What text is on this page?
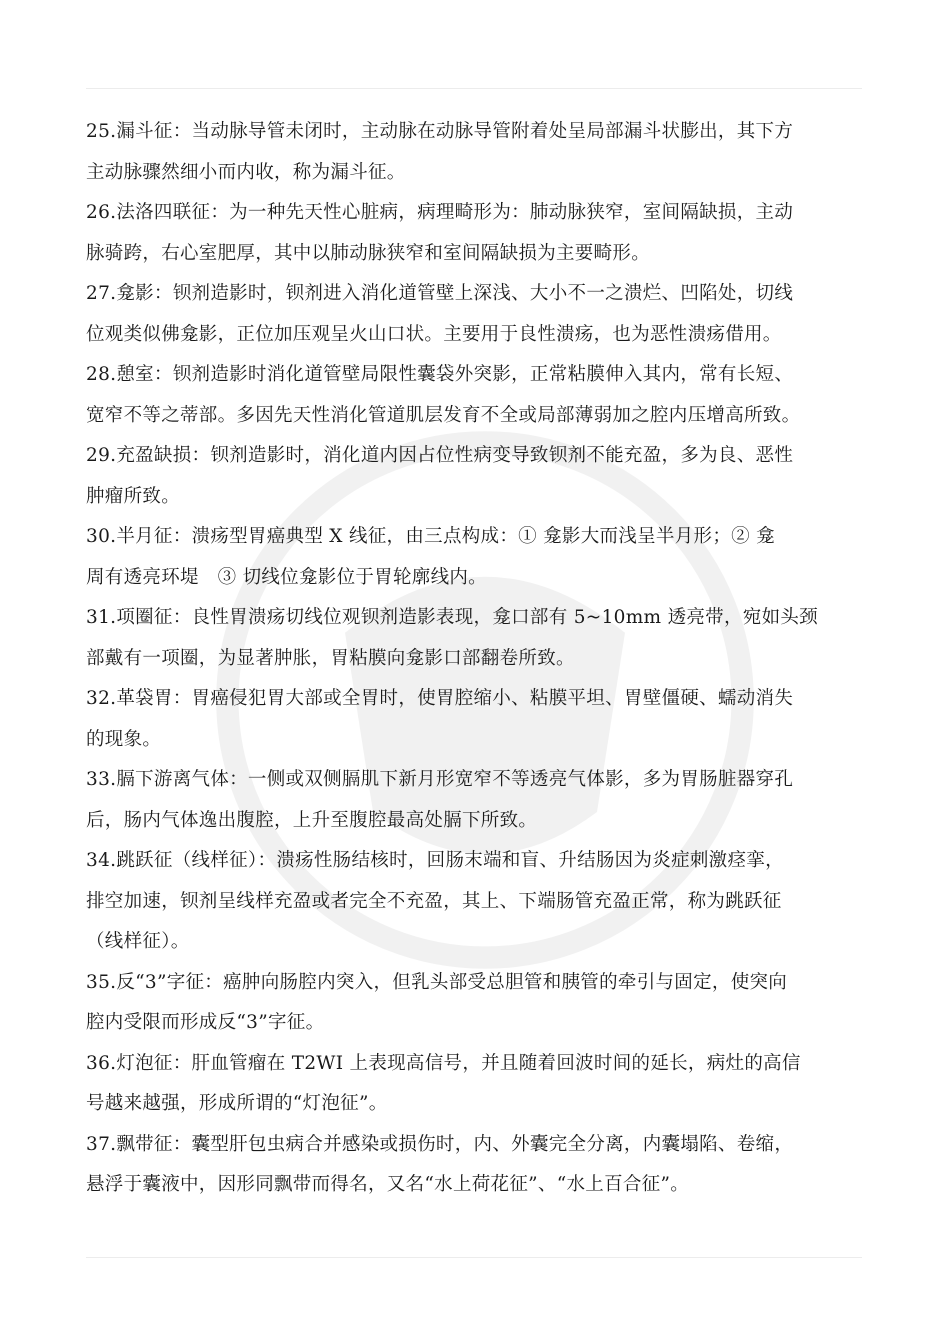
25.漏斗征：当动脉导管未闭时，主动脉在动脉导管附着处呈局部漏斗状膨出，其下方
主动脉骤然细小而内收，称为漏斗征。

26.法洛四联征：为一种先天性心脏病，病理畸形为：肺动脉狭窄，室间隔缺损，主动
脉骑跨，右心室肥厚，其中以肺动脉狭窄和室间隔缺损为主要畸形。

27.龛影：钡剂造影时，钡剂进入消化道管壁上深浅、大小不一之溃烂、凹陷处，切线
位观类似佛龛影，正位加压观呈火山口状。主要用于良性溃疡，也为恶性溃疡借用。

28.憩室：钡剂造影时消化道管壁局限性囊袋外突影，正常粘膜伸入其内，常有长短、
宽窄不等之蒂部。多因先天性消化管道肌层发育不全或局部薄弱加之腔内压增高所致。

29.充盈缺损：钡剂造影时，消化道内因占位性病变导致钡剂不能充盈，多为良、恶性
肿瘤所致。

30.半月征：溃疡型胃癌典型 X 线征，由三点构成：① 龛影大而浅呈半月形；② 龛
周有透亮环堤　③ 切线位龛影位于胃轮廓线内。

31.项圈征：良性胃溃疡切线位观钡剂造影表现，龛口部有 5~10mm 透亮带，宛如头颈
部戴有一项圈，为显著肿胀，胃粘膜向龛影口部翻卷所致。

32.革袋胃：胃癌侵犯胃大部或全胃时，使胃腔缩小、粘膜平坦、胃壁僵硬、蠕动消失
的现象。

33.膈下游离气体：一侧或双侧膈肌下新月形宽窄不等透亮气体影，多为胃肠脏器穿孔
后，肠内气体逸出腹腔，上升至腹腔最高处膈下所致。

34.跳跃征（线样征）：溃疡性肠结核时，回肠末端和盲、升结肠因为炎症刺激痉挛，
排空加速，钡剂呈线样充盈或者完全不充盈，其上、下端肠管充盈正常，称为跳跃征
（线样征）。

35.反“3”字征：癌肿向肠腔内突入，但乳头部受总胆管和胰管的牵引与固定，使突向
腔内受限而形成反“3”字征。

36.灯泡征：肝血管瘤在 T2WI 上表现高信号，并且随着回波时间的延长，病灶的高信
号越来越强，形成所谓的“灯泡征”。

37.飘带征：囊型肝包虫病合并感染或损伤时，内、外囊完全分离，内囊塌陷、卷缩，
悬浮于囊液中，因形同飘带而得名，又名“水上荷花征”、“水上百合征”。
